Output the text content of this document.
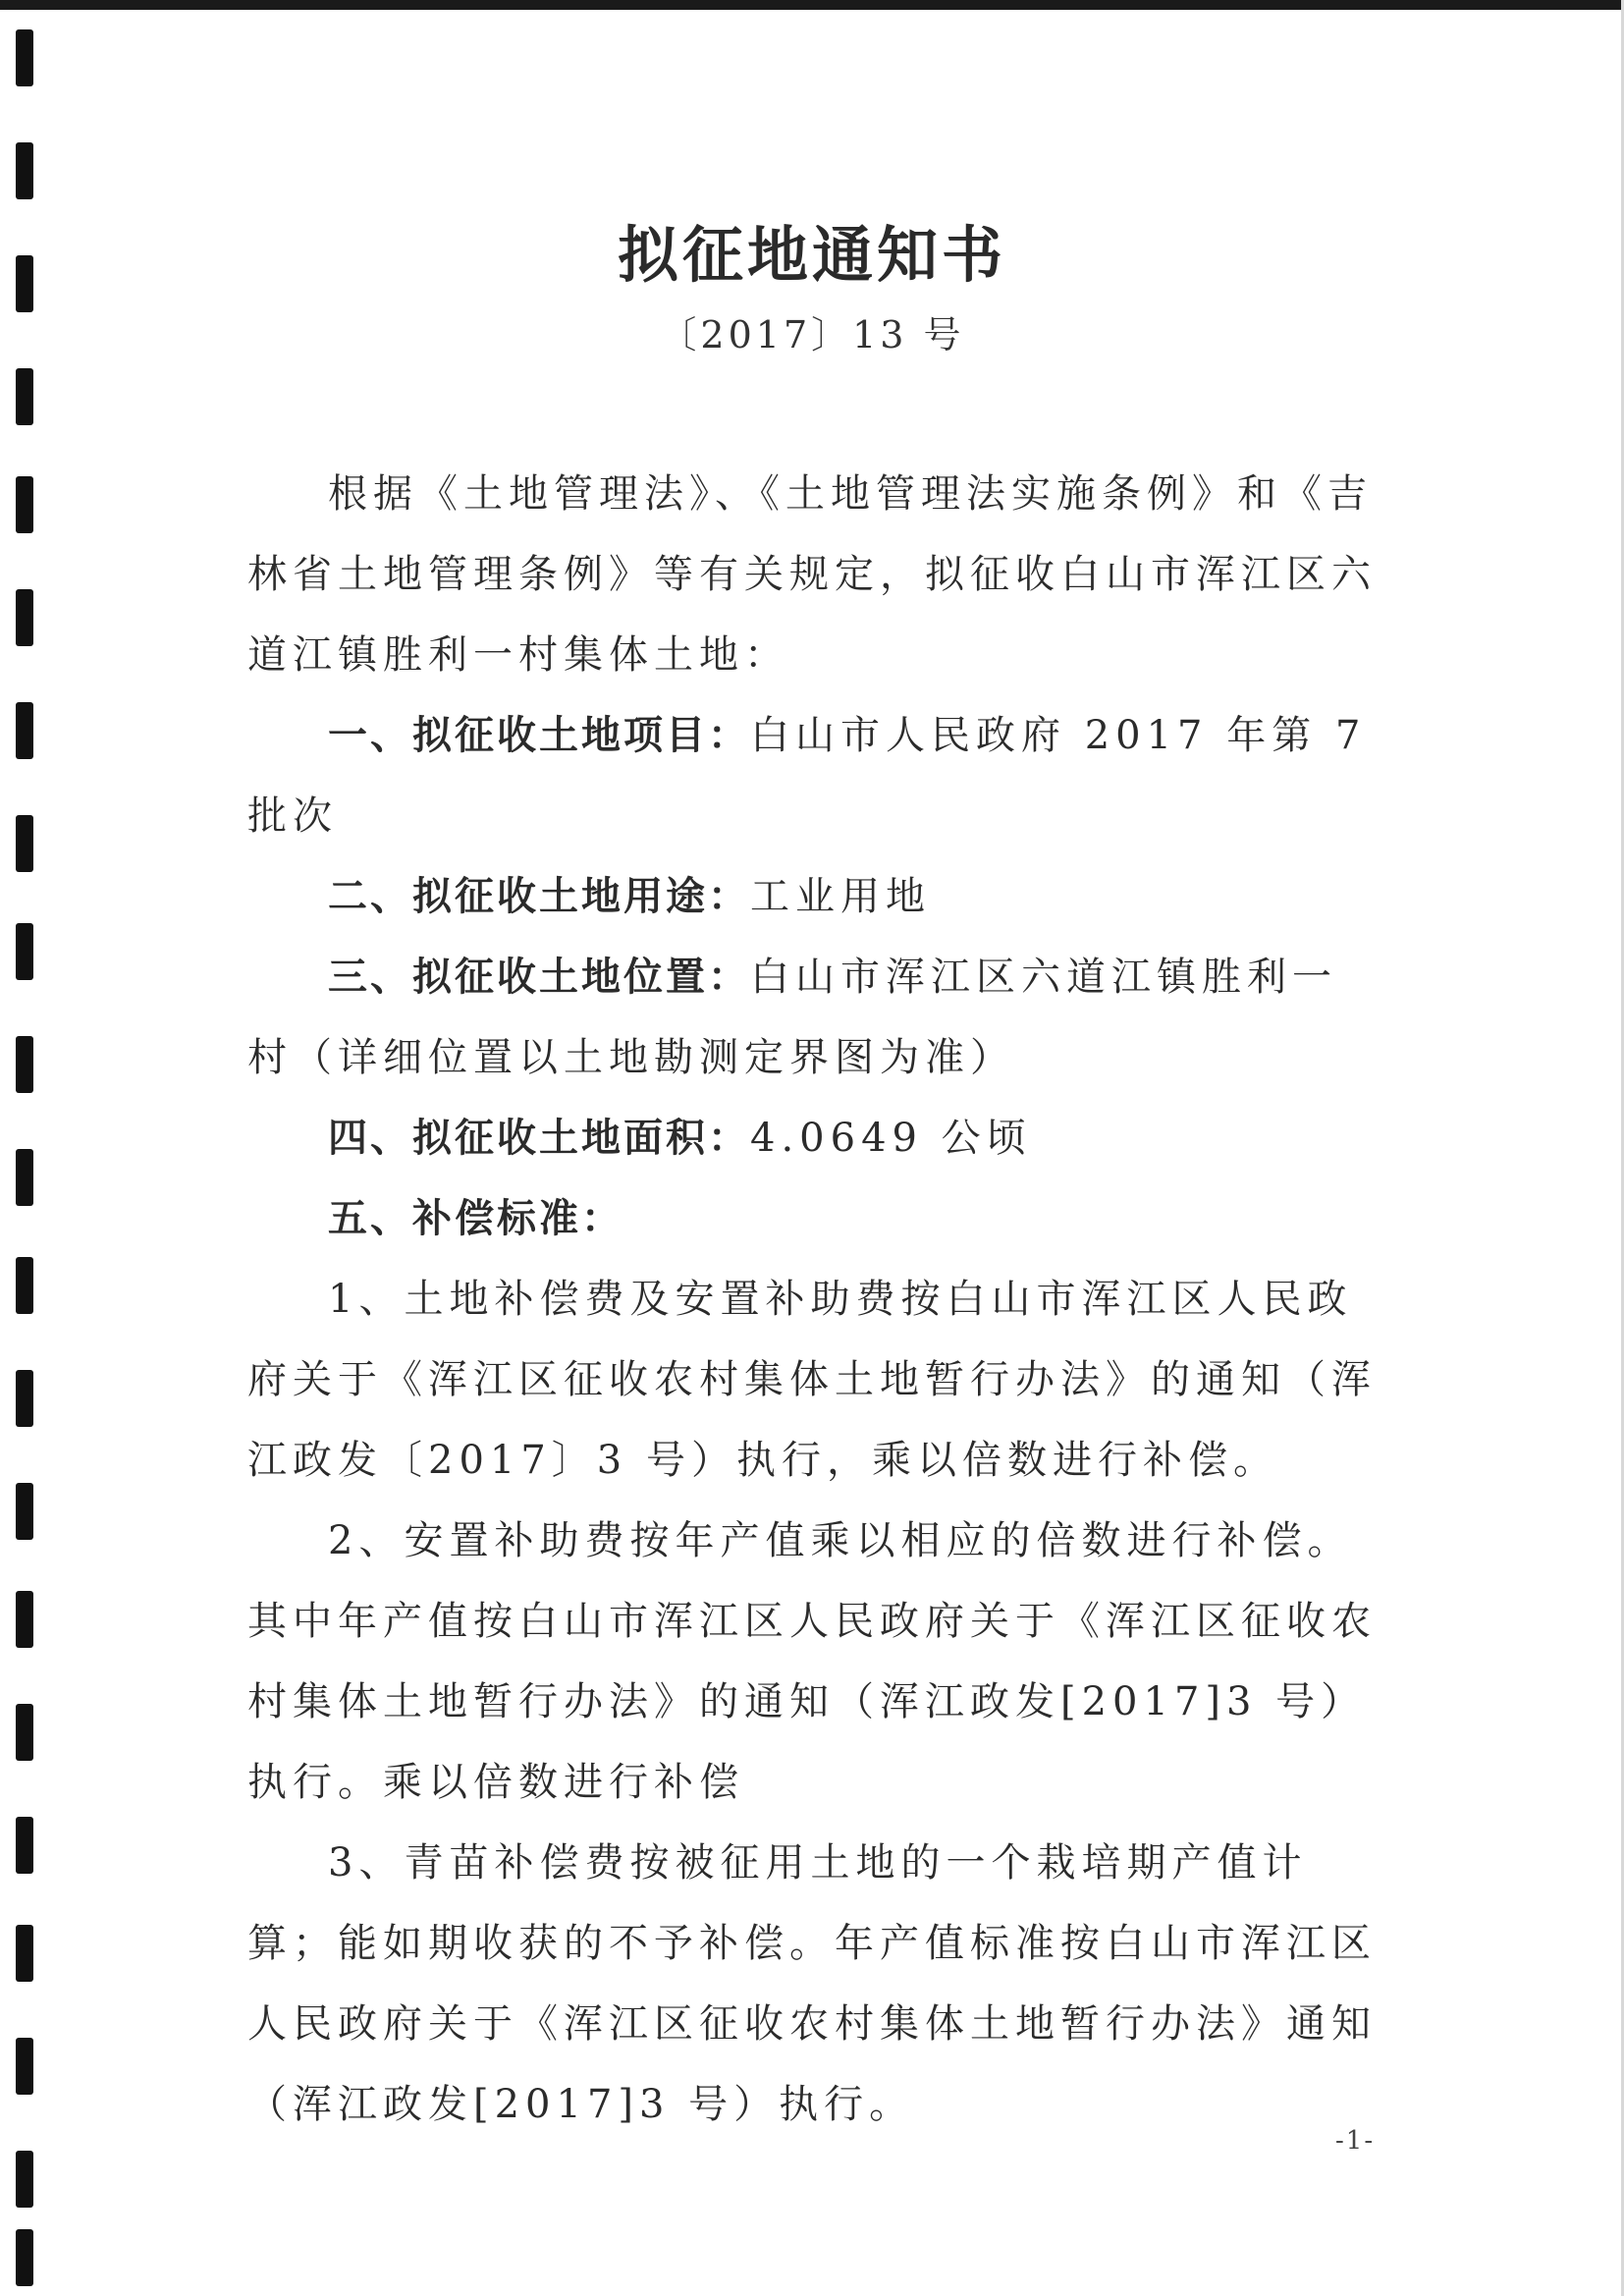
拟征地通知书
〔2017〕13 号

根据《土地管理法》、《土地管理法实施条例》和《吉林省土地管理条例》等有关规定，拟征收白山市浑江区六道江镇胜利一村集体土地：

一、拟征收土地项目：白山市人民政府 2017 年第 7 批次

二、拟征收土地用途：工业用地

三、拟征收土地位置：白山市浑江区六道江镇胜利一村（详细位置以土地勘测定界图为准）

四、拟征收土地面积：4.0649 公顷

五、补偿标准：

1、土地补偿费及安置补助费按白山市浑江区人民政府关于《浑江区征收农村集体土地暂行办法》的通知（浑江政发〔2017〕3 号）执行，乘以倍数进行补偿。

2、安置补助费按年产值乘以相应的倍数进行补偿。其中年产值按白山市浑江区人民政府关于《浑江区征收农村集体土地暂行办法》的通知（浑江政发[2017]3 号）执行。乘以倍数进行补偿

3、青苗补偿费按被征用土地的一个栽培期产值计算；能如期收获的不予补偿。年产值标准按白山市浑江区人民政府关于《浑江区征收农村集体土地暂行办法》通知（浑江政发[2017]3 号）执行。

-1-
